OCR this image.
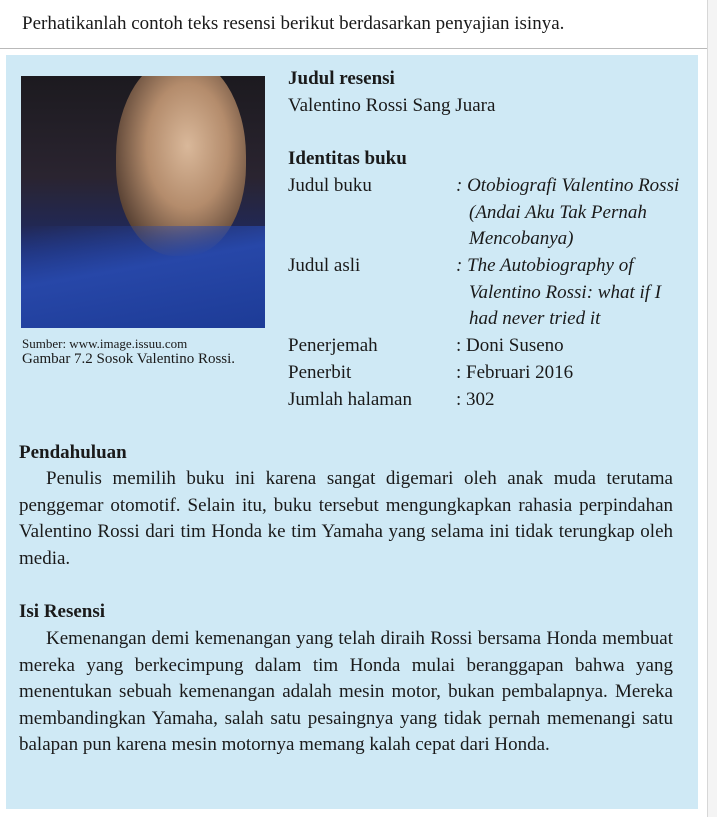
Perhatikanlah contoh teks resensi berikut berdasarkan penyajian isinya.
Sumber: www.image.issuu.com
Gambar 7.2 Sosok Valentino Rossi.
Judul resensi
Valentino Rossi Sang Juara
Identitas buku
Judul buku	: Otobiografi Valentino Rossi (Andai Aku Tak Pernah Mencobanya)
Judul asli	: The Autobiography of Valentino Rossi: what if I had never tried it
Penerjemah	: Doni Suseno
Penerbit	: Februari 2016
Jumlah halaman : 302
Pendahuluan
Penulis memilih buku ini karena sangat digemari oleh anak muda terutama penggemar otomotif. Selain itu, buku tersebut mengungkapkan rahasia perpindahan Valentino Rossi dari tim Honda ke tim Yamaha yang selama ini tidak terungkap oleh media.
Isi Resensi
Kemenangan demi kemenangan yang telah diraih Rossi bersama Honda membuat mereka yang berkecimpung dalam tim Honda mulai beranggapan bahwa yang menentukan sebuah kemenangan adalah mesin motor, bukan pembalapnya. Mereka membandingkan Yamaha, salah satu pesaingnya yang tidak pernah memenangi satu balapan pun karena mesin motornya memang kalah cepat dari Honda.
